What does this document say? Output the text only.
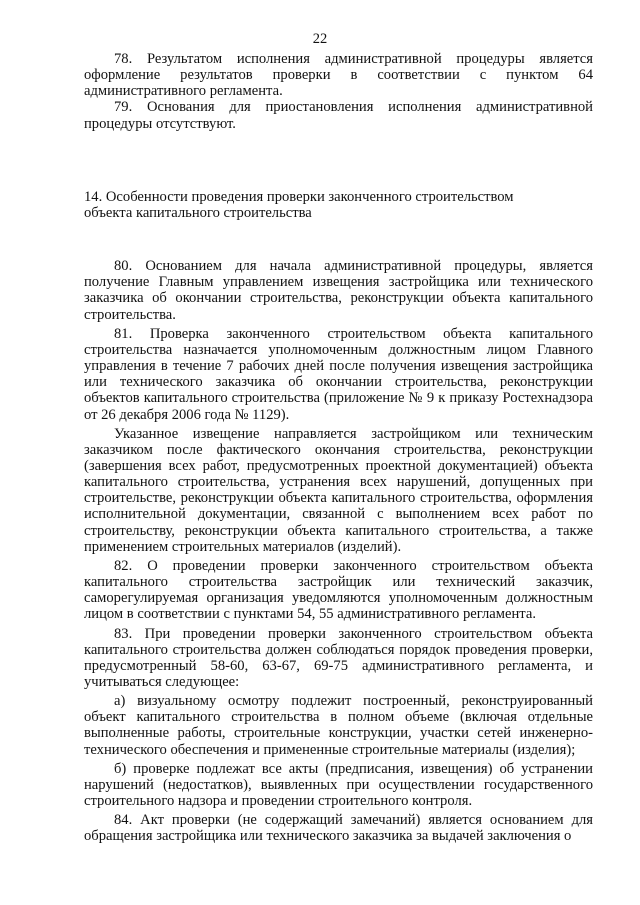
22

78. Результатом исполнения административной процедуры является оформление результатов проверки в соответствии с пунктом 64 административного регламента.

79. Основания для приостановления исполнения административной процедуры отсутствуют.

14. Особенности проведения проверки законченного строительством
объекта капитального строительства

80. Основанием для начала административной процедуры, является получение Главным управлением извещения застройщика или технического заказчика об окончании строительства, реконструкции объекта капитального строительства.

81. Проверка законченного строительством объекта капитального строительства назначается уполномоченным должностным лицом Главного управления в течение 7 рабочих дней после получения извещения застройщика или технического заказчика об окончании строительства, реконструкции объектов капитального строительства (приложение № 9 к приказу Ростехнадзора от 26 декабря 2006 года № 1129).

Указанное извещение направляется застройщиком или техническим заказчиком после фактического окончания строительства, реконструкции (завершения всех работ, предусмотренных проектной документацией) объекта капитального строительства, устранения всех нарушений, допущенных при строительстве, реконструкции объекта капитального строительства, оформления исполнительной документации, связанной с выполнением всех работ по строительству, реконструкции объекта капитального строительства, а также применением строительных материалов (изделий).

82. О проведении проверки законченного строительством объекта капитального строительства застройщик или технический заказчик, саморегулируемая организация уведомляются уполномоченным должностным лицом в соответствии с пунктами 54, 55 административного регламента.

83. При проведении проверки законченного строительством объекта капитального строительства должен соблюдаться порядок проведения проверки, предусмотренный 58-60, 63-67, 69-75 административного регламента, и учитываться следующее:

а) визуальному осмотру подлежит построенный, реконструированный объект капитального строительства в полном объеме (включая отдельные выполненные работы, строительные конструкции, участки сетей инженерно-технического обеспечения и примененные строительные материалы (изделия);

б) проверке подлежат все акты (предписания, извещения) об устранении нарушений (недостатков), выявленных при осуществлении государственного строительного надзора и проведении строительного контроля.

84. Акт проверки (не содержащий замечаний) является основанием для обращения застройщика или технического заказчика за выдачей заключения о
